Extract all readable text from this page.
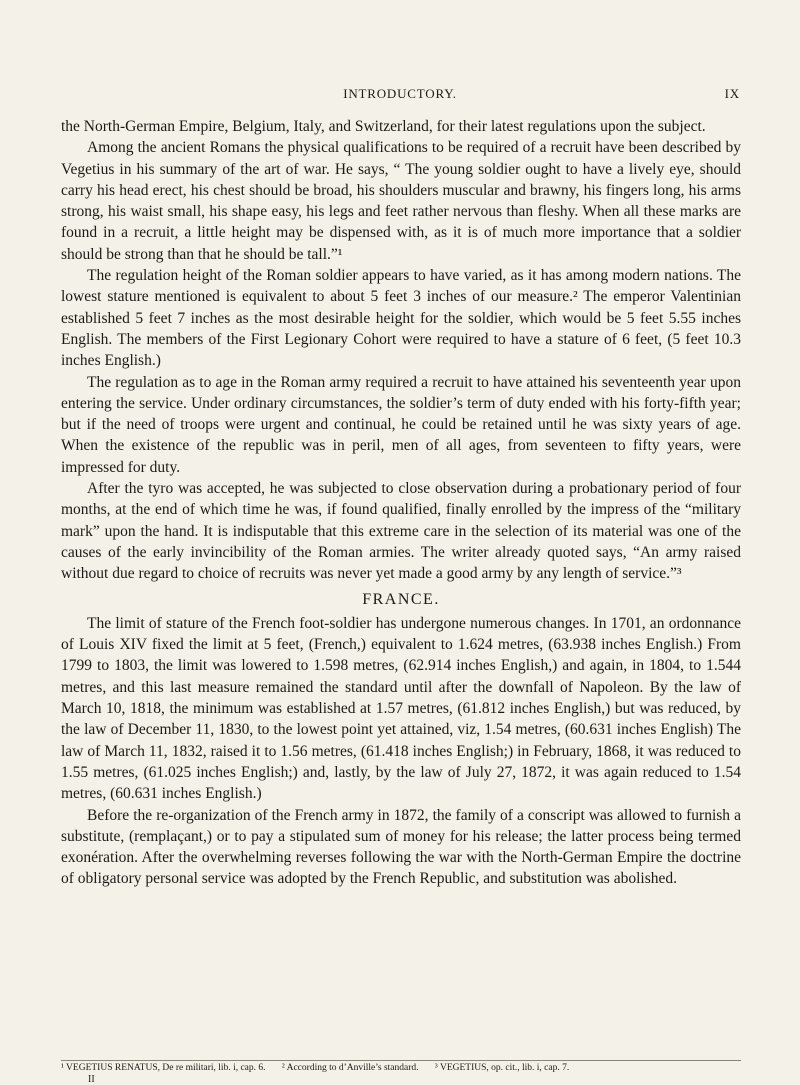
INTRODUCTORY.	IX

the North-German Empire, Belgium, Italy, and Switzerland, for their latest regulations upon the subject.

Among the ancient Romans the physical qualifications to be required of a recruit have been described by Vegetius in his summary of the art of war. He says, “ The young soldier ought to have a lively eye, should carry his head erect, his chest should be broad, his shoulders muscular and brawny, his fingers long, his arms strong, his waist small, his shape easy, his legs and feet rather nervous than fleshy. When all these marks are found in a recruit, a little height may be dispensed with, as it is of much more importance that a soldier should be strong than that he should be tall.”¹

The regulation height of the Roman soldier appears to have varied, as it has among modern nations. The lowest stature mentioned is equivalent to about 5 feet 3 inches of our measure.² The emperor Valentinian established 5 feet 7 inches as the most desirable height for the soldier, which would be 5 feet 5.55 inches English. The members of the First Legionary Cohort were required to have a stature of 6 feet, (5 feet 10.3 inches English.)

The regulation as to age in the Roman army required a recruit to have attained his seventeenth year upon entering the service. Under ordinary circumstances, the soldier’s term of duty ended with his forty-fifth year; but if the need of troops were urgent and continual, he could be retained until he was sixty years of age. When the existence of the republic was in peril, men of all ages, from seventeen to fifty years, were impressed for duty.

After the tyro was accepted, he was subjected to close observation during a probationary period of four months, at the end of which time he was, if found qualified, finally enrolled by the impress of the “military mark” upon the hand. It is indisputable that this extreme care in the selection of its material was one of the causes of the early invincibility of the Roman armies. The writer already quoted says, “An army raised without due regard to choice of recruits was never yet made a good army by any length of service.”³

FRANCE.

The limit of stature of the French foot-soldier has undergone numerous changes. In 1701, an ordonnance of Louis XIV fixed the limit at 5 feet, (French,) equivalent to 1.624 metres, (63.938 inches English.) From 1799 to 1803, the limit was lowered to 1.598 metres, (62.914 inches English,) and again, in 1804, to 1.544 metres, and this last measure remained the standard until after the downfall of Napoleon. By the law of March 10, 1818, the minimum was established at 1.57 metres, (61.812 inches English,) but was reduced, by the law of December 11, 1830, to the lowest point yet attained, viz, 1.54 metres, (60.631 inches English) The law of March 11, 1832, raised it to 1.56 metres, (61.418 inches English;) in February, 1868, it was reduced to 1.55 metres, (61.025 inches English;) and, lastly, by the law of July 27, 1872, it was again reduced to 1.54 metres, (60.631 inches English.)

Before the re-organization of the French army in 1872, the family of a conscript was allowed to furnish a substitute, (remplaçant,) or to pay a stipulated sum of money for his release; the latter process being termed exonération. After the overwhelming reverses following the war with the North-German Empire the doctrine of obligatory personal service was adopted by the French Republic, and substitution was abolished.

¹ VEGETIUS RENATUS, De re militari, lib. i, cap. 6. ² According to d’Anville’s standard. ³ VEGETIUS, op. cit., lib. i, cap. 7.
II
